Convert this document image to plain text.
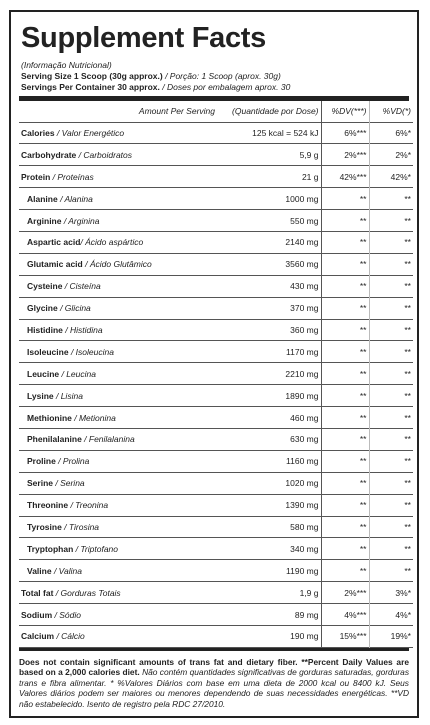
Supplement Facts
(Informação Nutricional)
Serving Size 1 Scoop (30g approx.) / Porção: 1 Scoop (aprox. 30g)
Servings Per Container 30 approx. / Doses por embalagem aprox. 30
Amount Per Serving	(Quantidade por Dose)	%DV(***)	%VD(*)
Calories / Valor Energético	125 kcal = 524 kJ	6%***	6%*
Carbohydrate / Carboidratos	5,9 g	2%***	2%*
Protein / Proteínas	21 g	42%***	42%*
Alanine / Alanina	1000 mg	**	**
Arginine / Arginina	550 mg	**	**
Aspartic acid/ Ácido aspártico	2140 mg	**	**
Glutamic acid / Ácido Glutâmico	3560 mg	**	**
Cysteine / Cisteína	430 mg	**	**
Glycine / Glicina	370 mg	**	**
Histidine / Histidina	360 mg	**	**
Isoleucine / Isoleucina	1170 mg	**	**
Leucine / Leucina	2210 mg	**	**
Lysine / Lisina	1890 mg	**	**
Methionine / Metionina	460 mg	**	**
Phenilalanine / Fenilalanina	630 mg	**	**
Proline / Prolina	1160 mg	**	**
Serine / Serina	1020 mg	**	**
Threonine / Treonina	1390 mg	**	**
Tyrosine / Tirosina	580 mg	**	**
Tryptophan / Triptofano	340 mg	**	**
Valine / Valina	1190 mg	**	**
Total fat / Gorduras Totais	1,9 g	2%***	3%*
Sodium / Sódio	89 mg	4%***	4%*
Calcium / Cálcio	190 mg	15%***	19%*
Does not contain significant amounts of trans fat and dietary fiber. **Percent Daily Values are based on a 2,000 calories diet. Não contém quantidades significativas de gorduras saturadas, gorduras trans e fibra alimentar. * %Valores Diários com base em uma dieta de 2000 kcal ou 8400 kJ. Seus Valores diários podem ser maiores ou menores dependendo de suas necessidades energéticas. **VD não estabelecido. Isento de registro pela RDC 27/2010.
